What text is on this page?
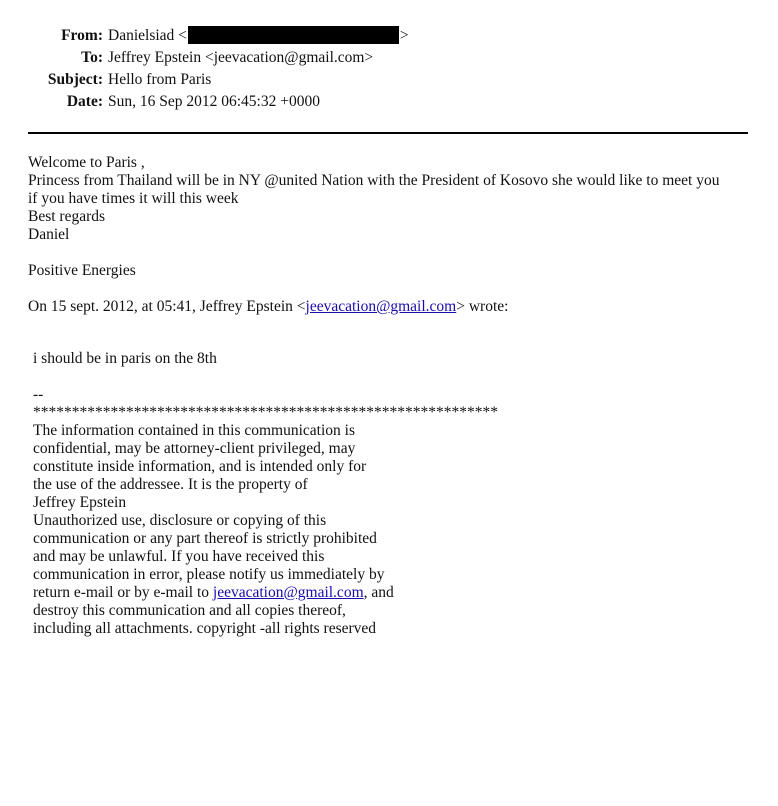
From: Danielsiad <	>
To: Jeffrey Epstein <jeevacation@gmail.com>
Subject: Hello from Paris
Date: Sun, 16 Sep 2012 06:45:32 +0000
Welcome to Paris ,
Princess from Thailand will be in NY @united Nation with the President of Kosovo she would like to meet you
if you have times it will this week
Best regards
Daniel
Positive Energies
On 15 sept. 2012, at 05:41, Jeffrey Epstein <jeevacation@gmail.com> wrote:
i should be in paris on the 8th
--
************************************************************
The information contained in this communication is
confidential, may be attorney-client privileged, may
constitute inside information, and is intended only for
the use of the addressee. It is the property of
Jeffrey Epstein
Unauthorized use, disclosure or copying of this
communication or any part thereof is strictly prohibited
and may be unlawful. If you have received this
communication in error, please notify us immediately by
return e-mail or by e-mail to jeevacation@gmail.com, and
destroy this communication and all copies thereof,
including all attachments. copyright -all rights reserved
